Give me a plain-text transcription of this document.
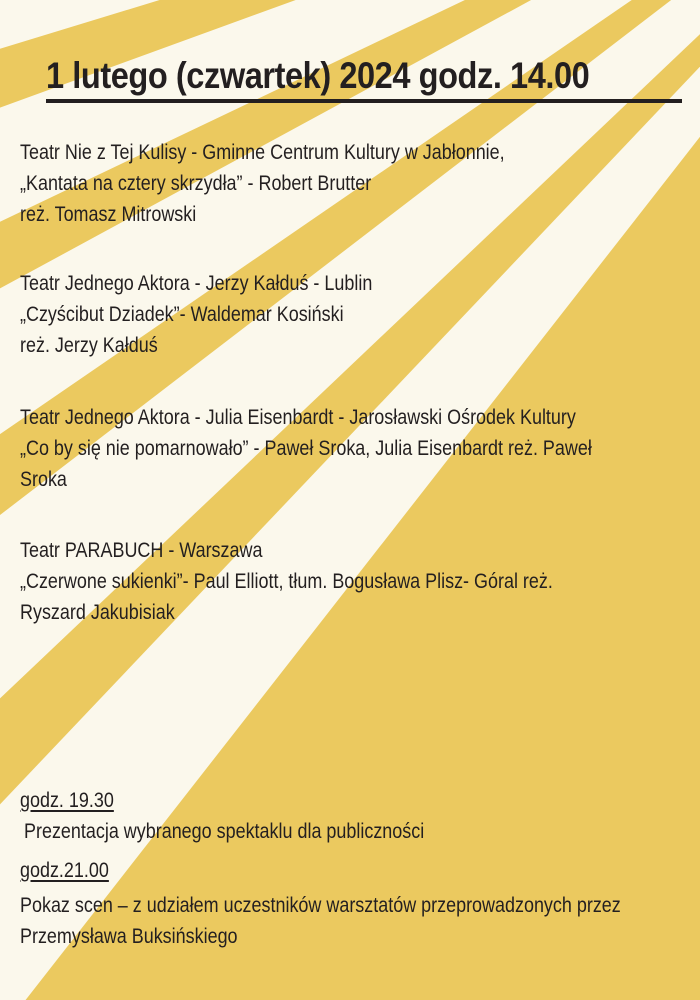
1 lutego (czwartek) 2024 godz. 14.00
Teatr Nie z Tej Kulisy - Gminne Centrum Kultury w Jabłonnie,
„Kantata na cztery skrzydła” - Robert Brutter
reż. Tomasz Mitrowski
Teatr Jednego Aktora - Jerzy Kałduś - Lublin
„Czyścibut Dziadek”- Waldemar Kosiński
reż. Jerzy Kałduś
Teatr Jednego Aktora - Julia Eisenbardt - Jarosławski Ośrodek Kultury
„Co by się nie pomarnowało” - Paweł Sroka, Julia Eisenbardt reż. Paweł
Sroka
Teatr PARABUCH - Warszawa
„Czerwone sukienki”- Paul Elliott, tłum. Bogusława Plisz- Góral reż.
Ryszard Jakubisiak
godz. 19.30
Prezentacja wybranego spektaklu dla publiczności
godz.21.00
Pokaz scen – z udziałem uczestników warsztatów przeprowadzonych przez
Przemysława Buksińskiego
